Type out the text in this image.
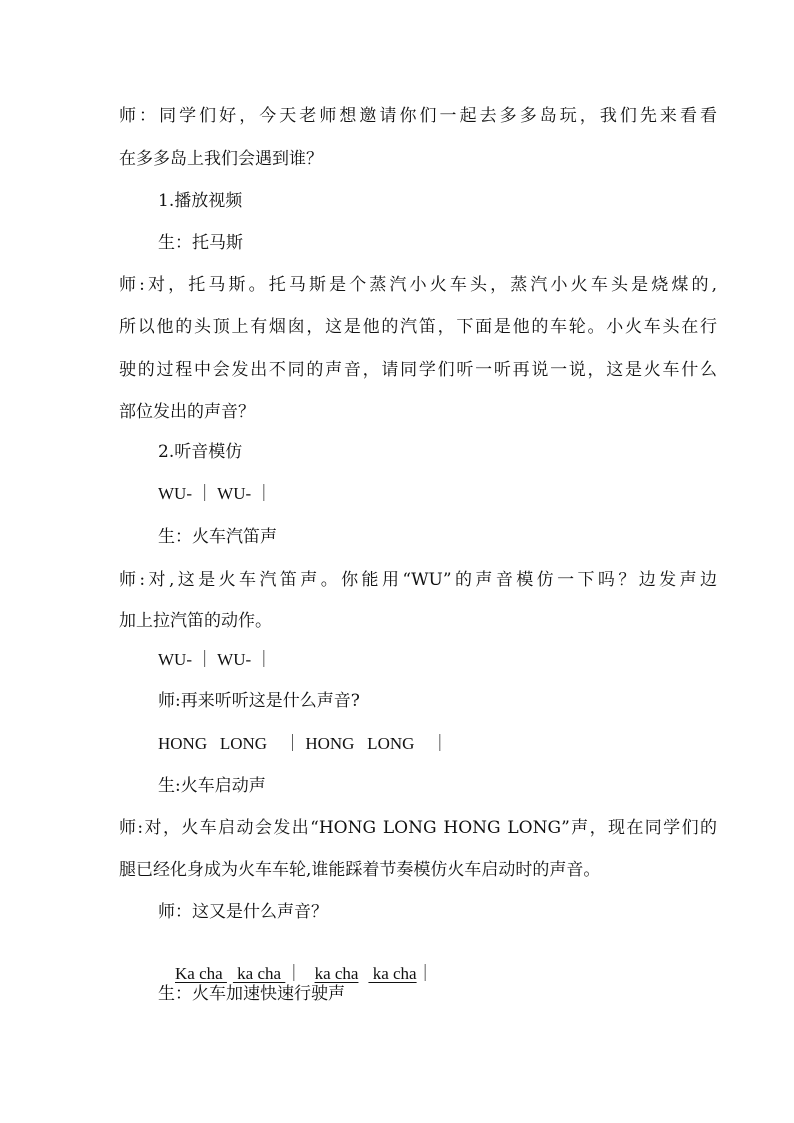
师：同学们好，今天老师想邀请你们一起去多多岛玩，我们先来看看
在多多岛上我们会遇到谁？
1.播放视频
生：托马斯
师:对，托马斯。托马斯是个蒸汽小火车头，蒸汽小火车头是烧煤的,
所以他的头顶上有烟囱，这是他的汽笛，下面是他的车轮。小火车头在行
驶的过程中会发出不同的声音，请同学们听一听再说一说，这是火车什么
部位发出的声音？
2.听音模仿
WU- ｜ WU- ｜
生：火车汽笛声
师:对,这是火车汽笛声。你能用“WU”的声音模仿一下吗？边发声边
加上拉汽笛的动作。
WU- ｜ WU- ｜
师:再来听听这是什么声音?
HONG   LONG    ｜ HONG   LONG    ｜
生:火车启动声
师:对，火车启动会发出“HONG LONG HONG LONG”声，现在同学们的
腿已经化身成为火车车轮,谁能踩着节奏模仿火车启动时的声音。
师：这又是什么声音？

Ka cha  ka cha ｜ ka cha ka cha｜

生：火车加速快速行驶声
